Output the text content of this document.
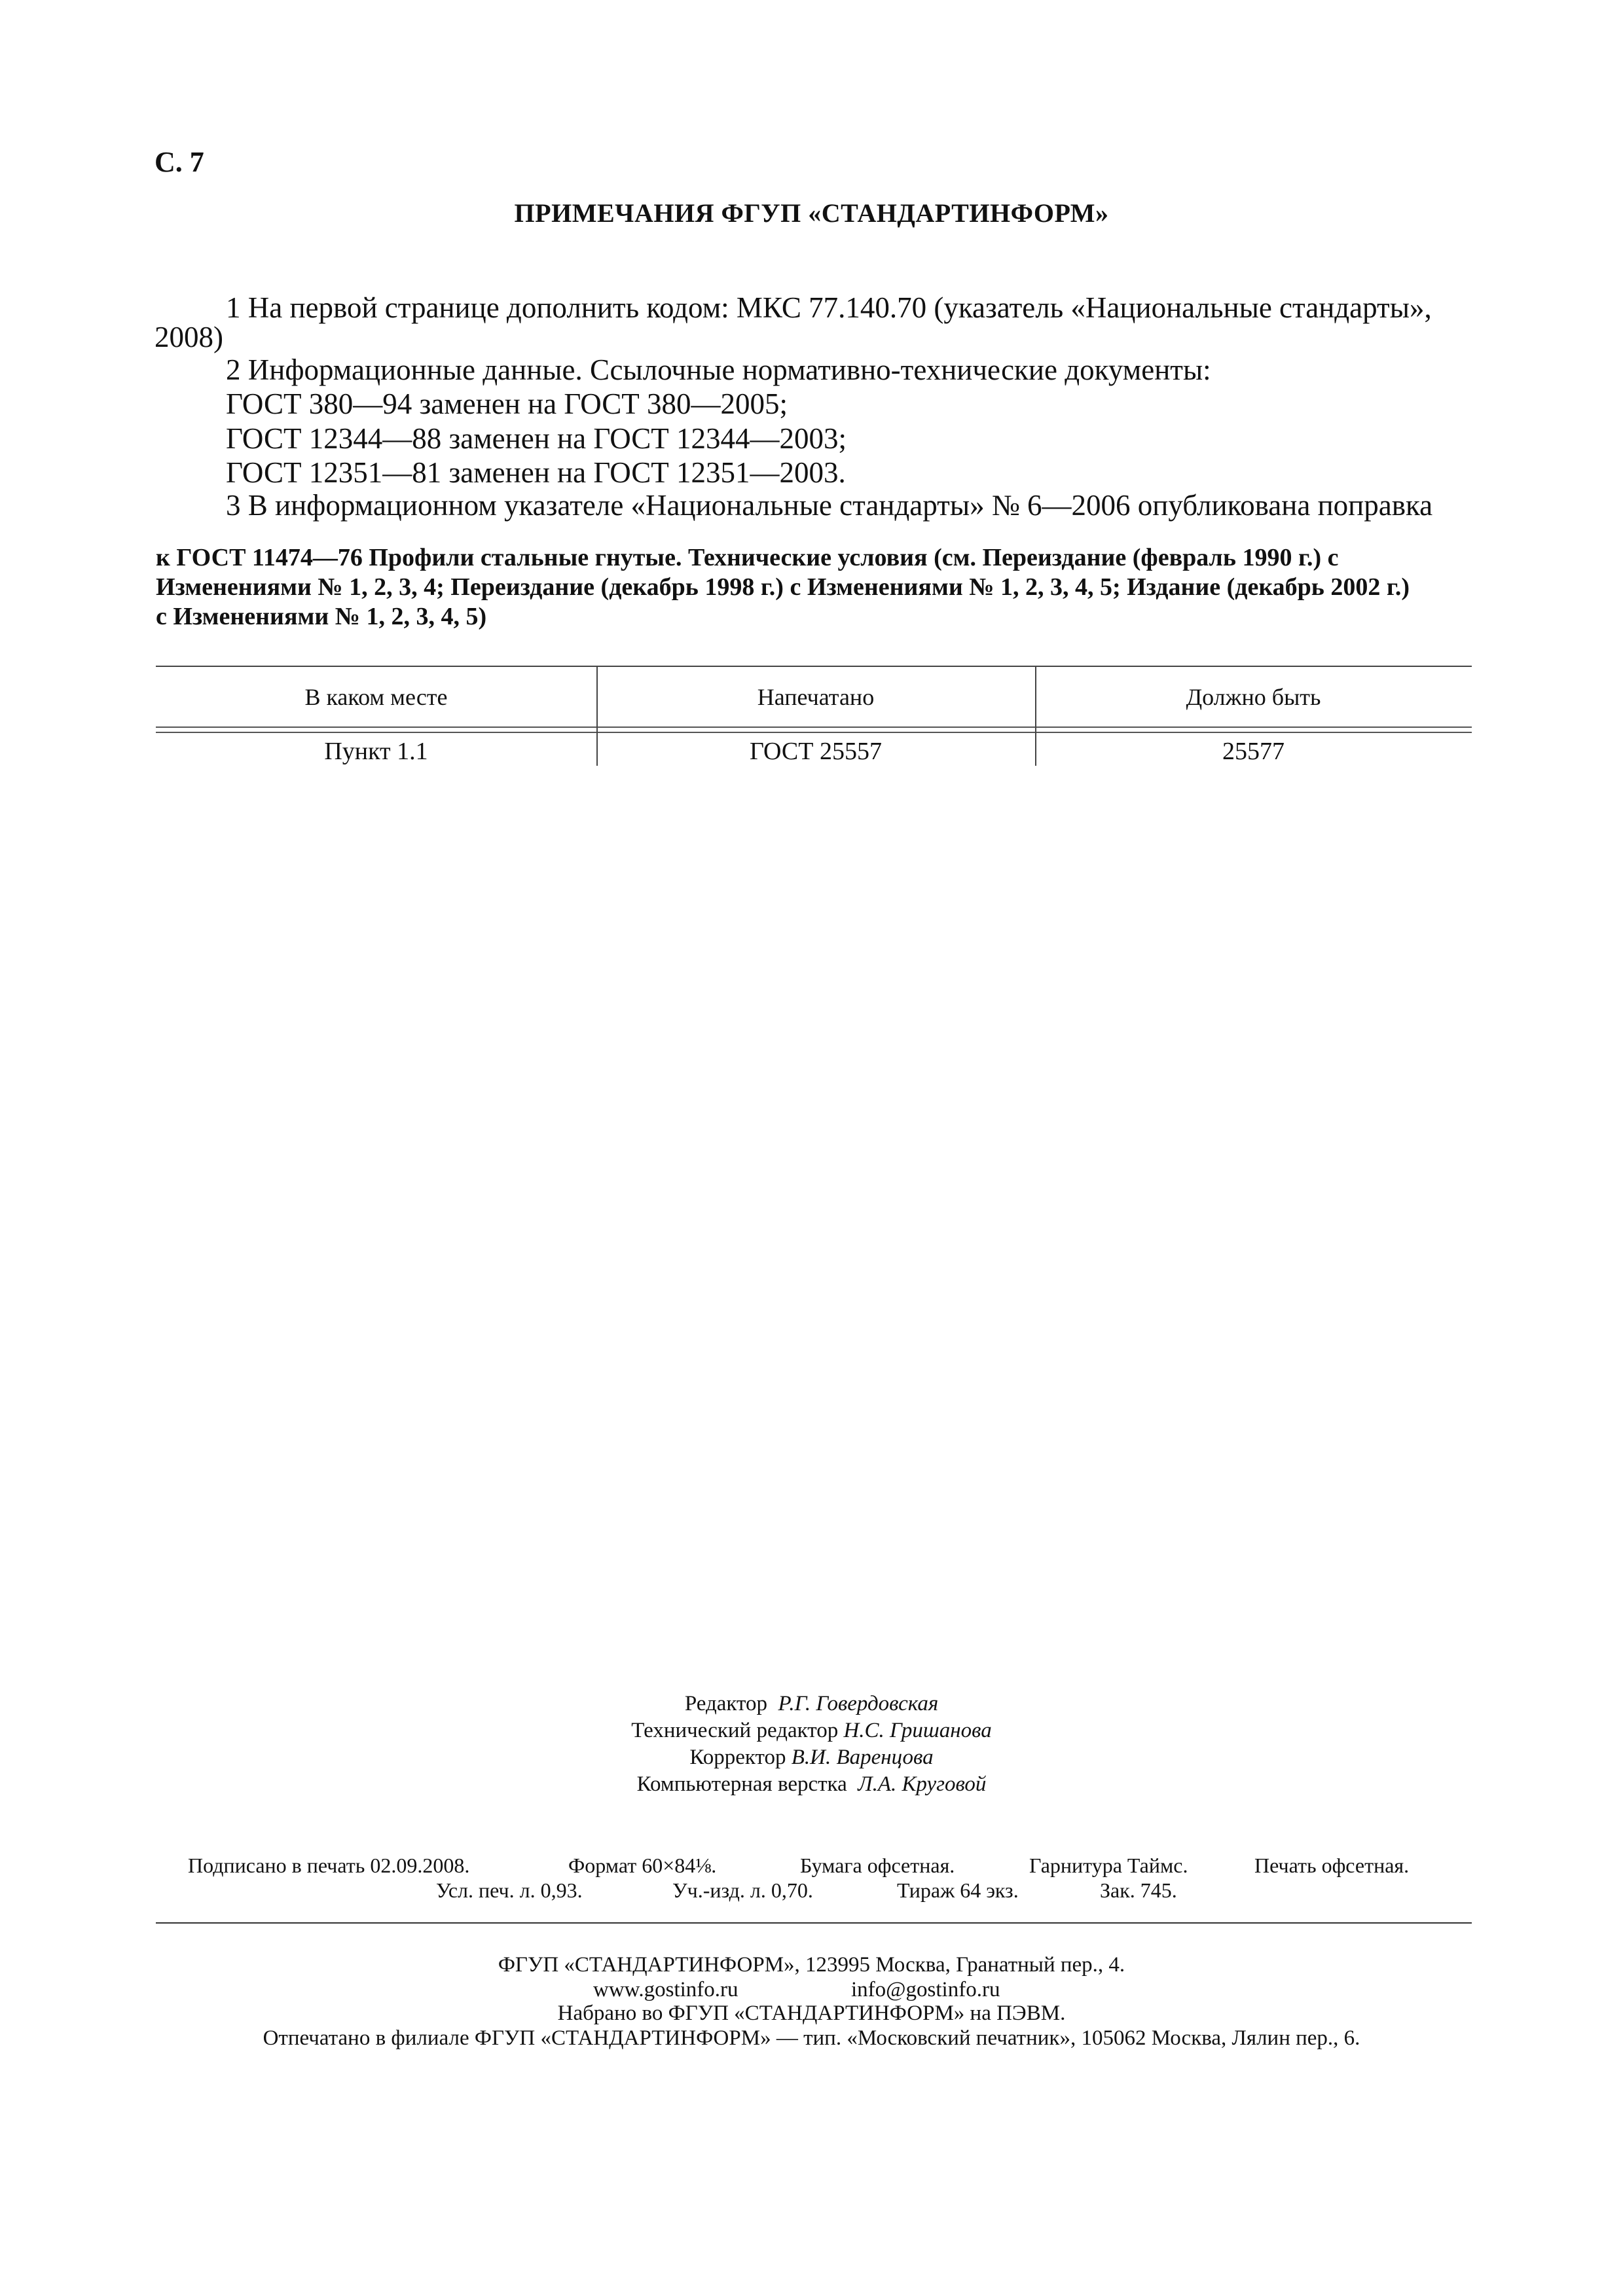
С. 7
ПРИМЕЧАНИЯ ФГУП «СТАНДАРТИНФОРМ»
1 На первой странице дополнить кодом: МКС 77.140.70 (указатель «Национальные стандарты»,
2008)
2 Информационные данные. Ссылочные нормативно-технические документы:
ГОСТ 380—94 заменен на ГОСТ 380—2005;
ГОСТ 12344—88 заменен на ГОСТ 12344—2003;
ГОСТ 12351—81 заменен на ГОСТ 12351—2003.
3 В информационном указателе «Национальные стандарты» № 6—2006 опубликована поправка
к ГОСТ 11474—76 Профили стальные гнутые. Технические условия (см. Переиздание (февраль 1990 г.) с
Изменениями № 1, 2, 3, 4; Переиздание (декабрь 1998 г.) с Изменениями № 1, 2, 3, 4, 5; Издание (декабрь 2002 г.)
с Изменениями № 1, 2, 3, 4, 5)
В каком месте	Напечатано	Должно быть
Пункт 1.1	ГОСТ 25557	25577
Редактор Р.Г. Говердовская
Технический редактор Н.С. Гришанова
Корректор В.И. Варенцова
Компьютерная верстка Л.А. Круговой
Подписано в печать 02.09.2008.	Формат 60×84⅛.	Бумага офсетная.	Гарнитура Таймс.	Печать офсетная.
Усл. печ. л. 0,93.	Уч.-изд. л. 0,70.	Тираж 64 экз.	Зак. 745.
ФГУП «СТАНДАРТИНФОРМ», 123995 Москва, Гранатный пер., 4.
www.gostinfo.ru	info@gostinfo.ru
Набрано во ФГУП «СТАНДАРТИНФОРМ» на ПЭВМ.
Отпечатано в филиале ФГУП «СТАНДАРТИНФОРМ» — тип. «Московский печатник», 105062 Москва, Лялин пер., 6.
